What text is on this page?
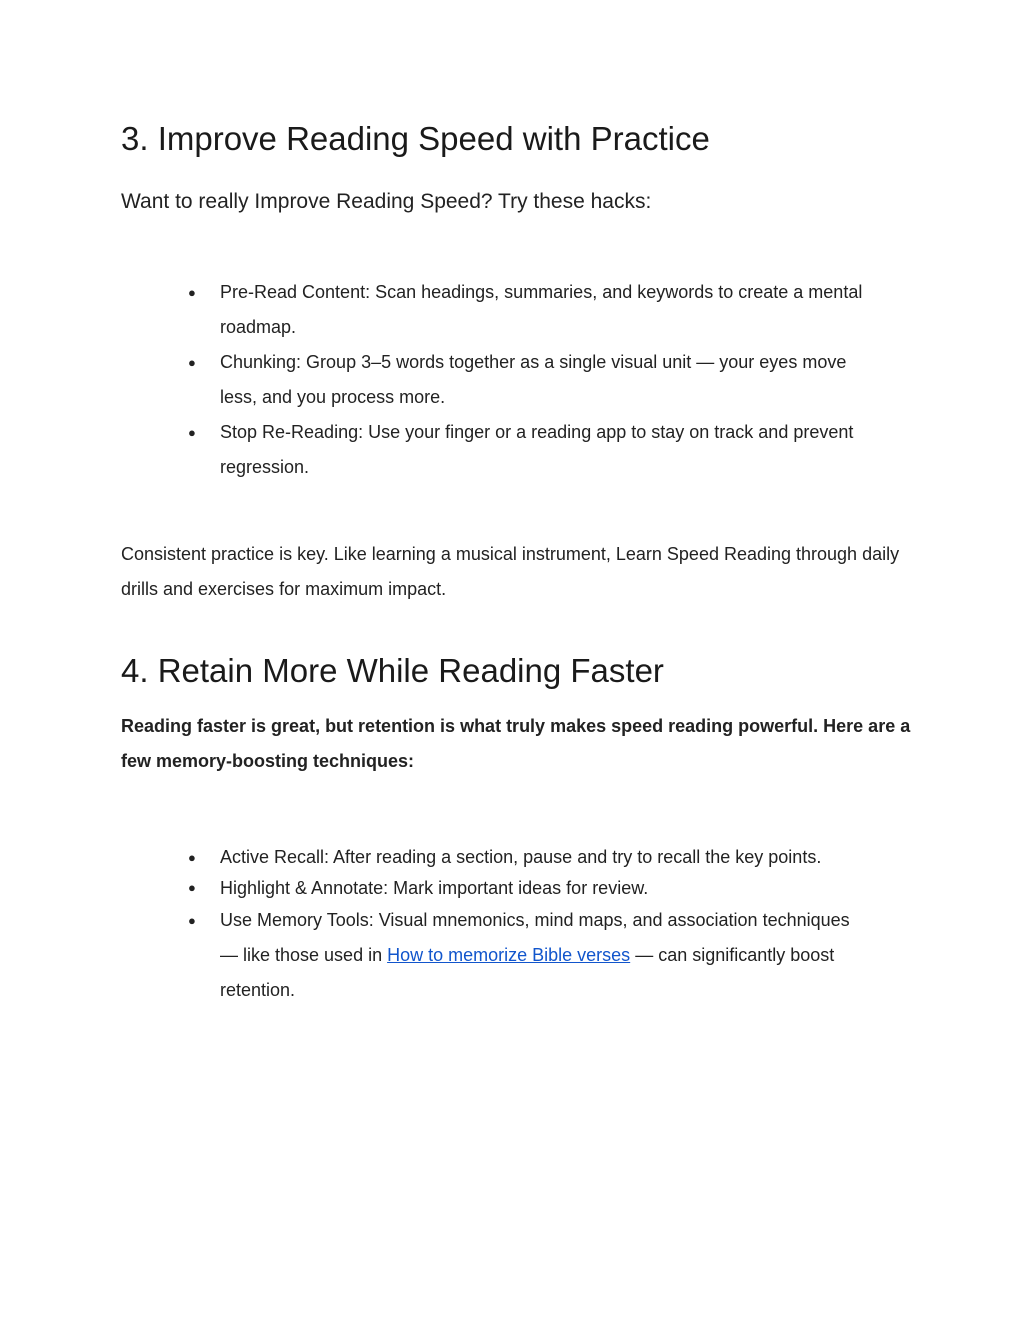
3. Improve Reading Speed with Practice

Want to really Improve Reading Speed? Try these hacks:

● Pre-Read Content: Scan headings, summaries, and keywords to create a mental roadmap.
● Chunking: Group 3–5 words together as a single visual unit — your eyes move less, and you process more.
● Stop Re-Reading: Use your finger or a reading app to stay on track and prevent regression.

Consistent practice is key. Like learning a musical instrument, Learn Speed Reading through daily drills and exercises for maximum impact.

4. Retain More While Reading Faster

Reading faster is great, but retention is what truly makes speed reading powerful. Here are a few memory-boosting techniques:

● Active Recall: After reading a section, pause and try to recall the key points.
● Highlight & Annotate: Mark important ideas for review.
● Use Memory Tools: Visual mnemonics, mind maps, and association techniques — like those used in How to memorize Bible verses — can significantly boost retention.
